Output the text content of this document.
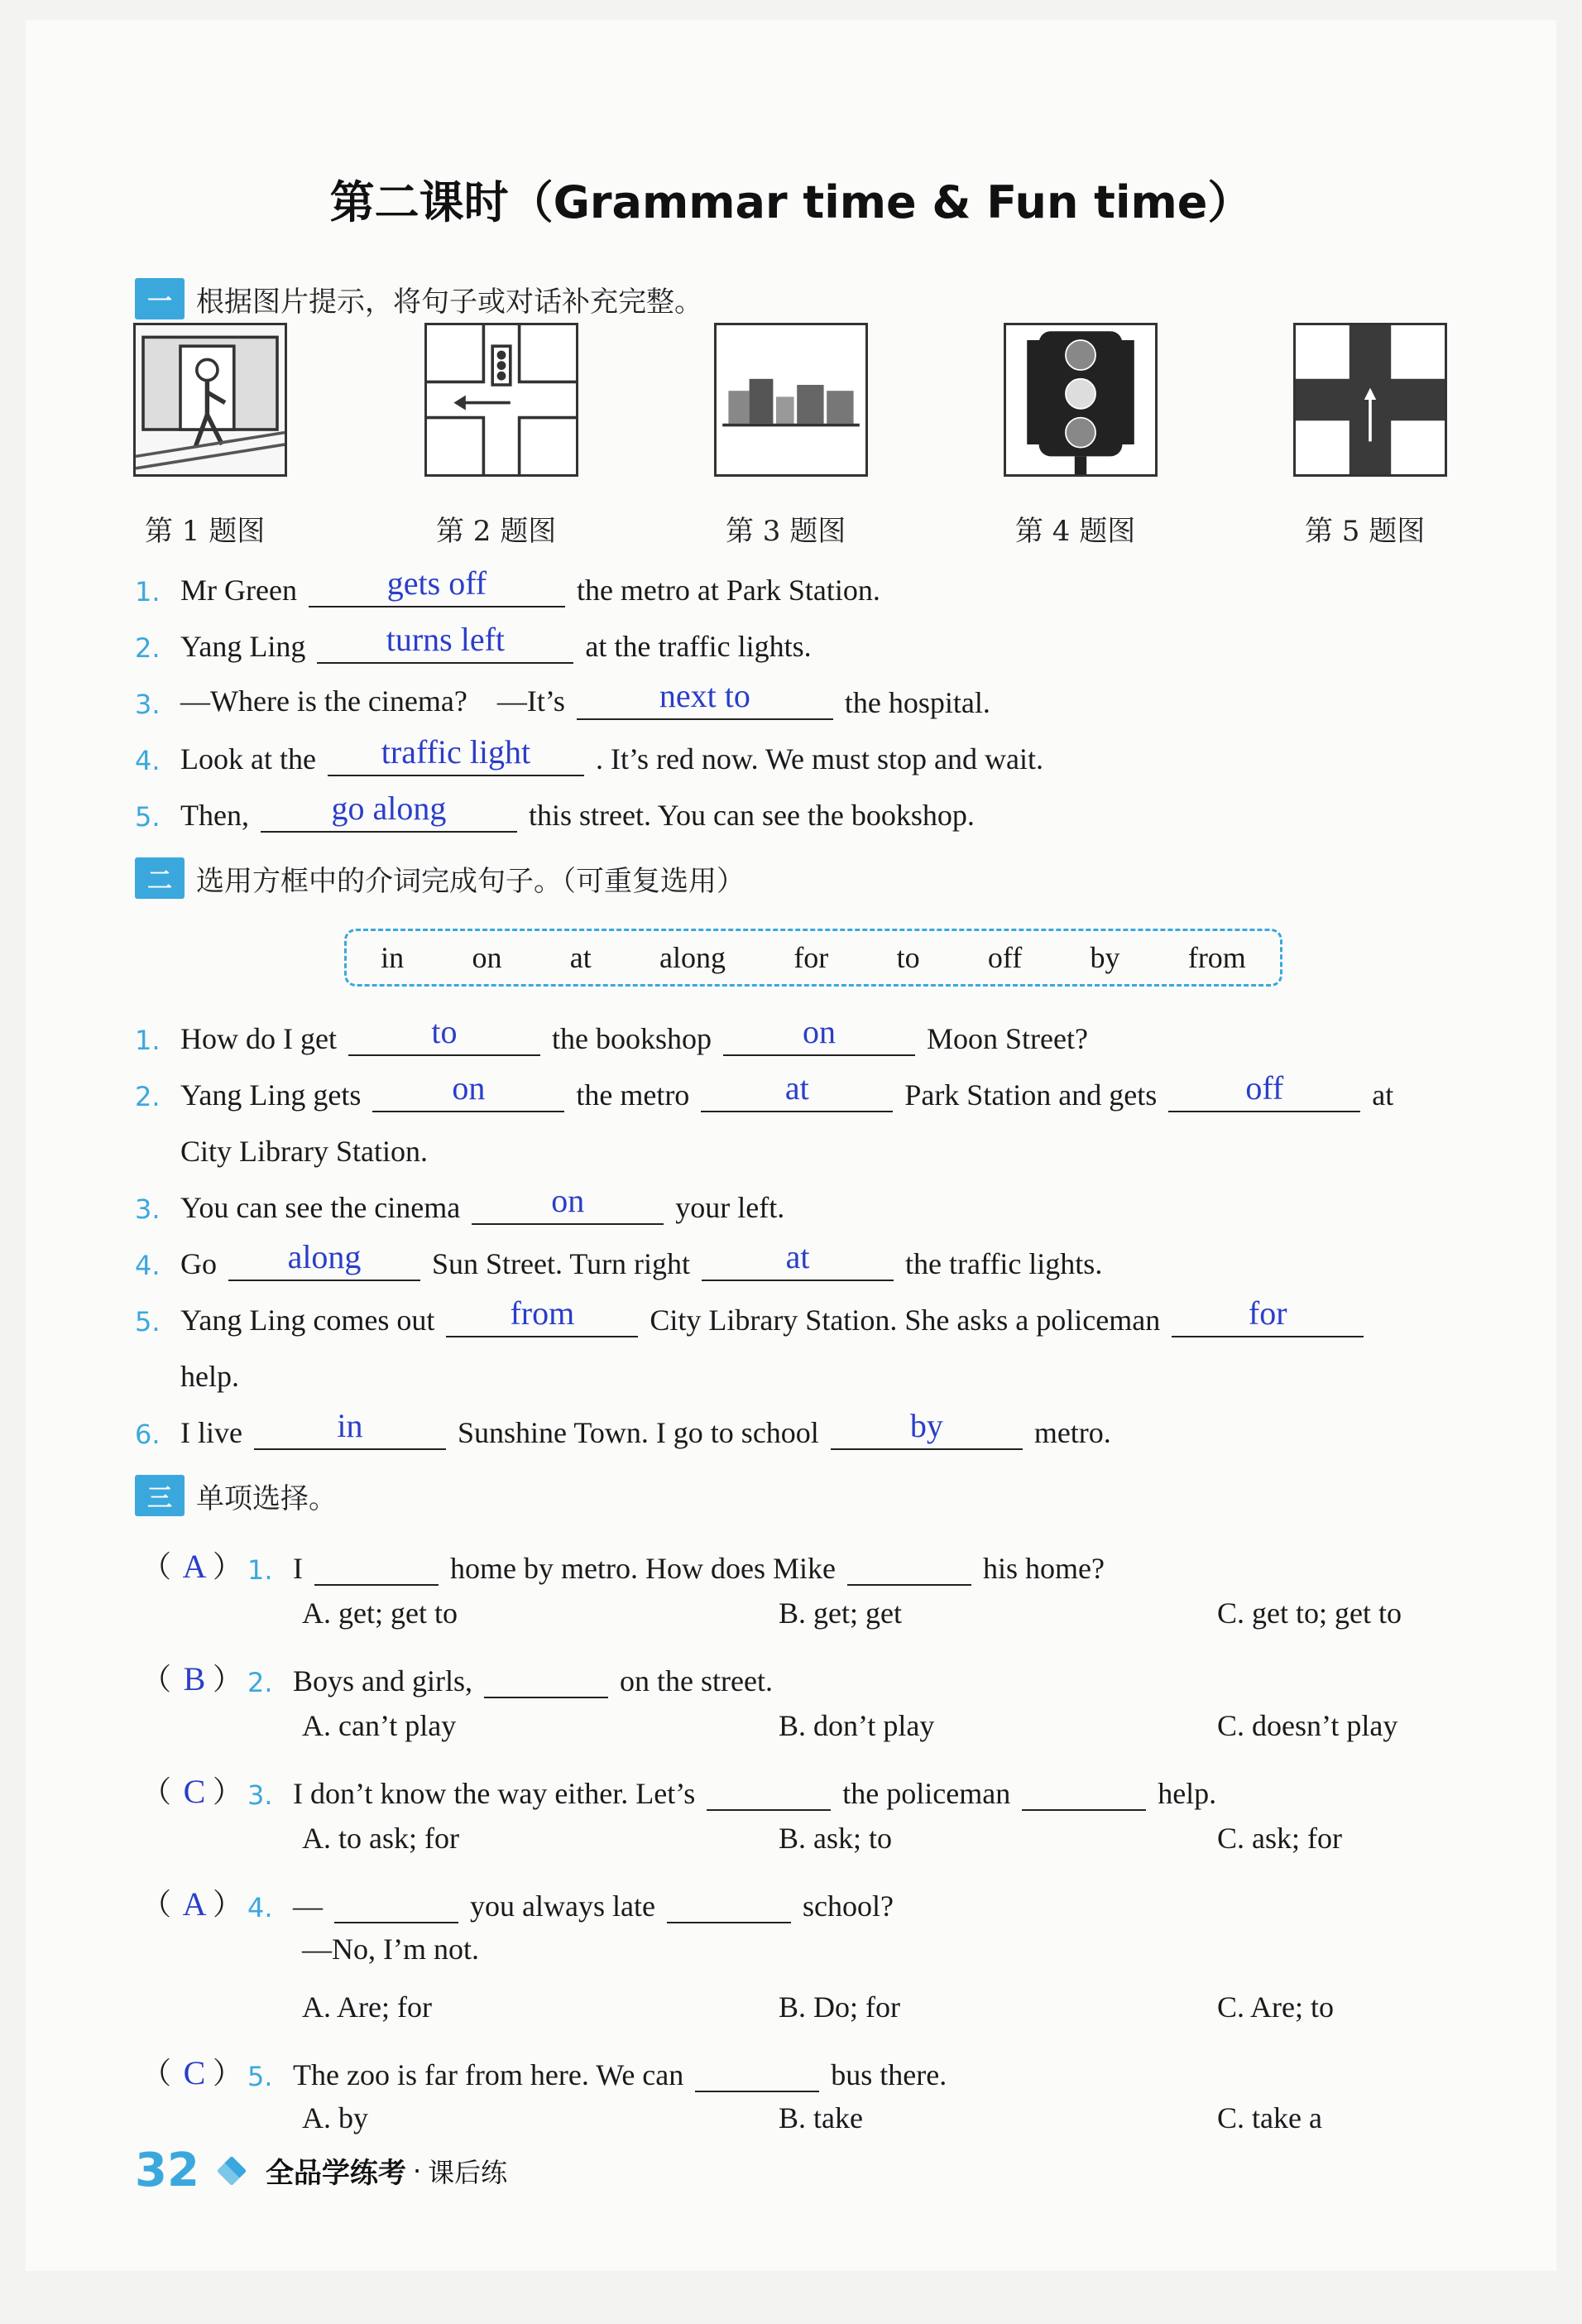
第二课时（Grammar time & Fun time）
一 根据图片提示，将句子或对话补充完整。
第 1 题图	第 2 题图	第 3 题图	第 4 题图	第 5 题图
1. Mr Green	gets off	the metro at Park Station.
2. Yang Ling	turns left	at the traffic lights.
3. —Where is the cinema?　—It’s	next to	the hospital.
4. Look at the	traffic light	. It’s red now. We must stop and wait.
5. Then,	go along	this street. You can see the bookshop.
二 选用方框中的介词完成句子。（可重复选用）
in on at along for to off by from
1. How do I get	to	the bookshop	on	Moon Street?
2. Yang Ling gets	on	the metro	at	Park Station and gets	off	at
City Library Station.
3. You can see the cinema	on	your left.
4. Go	along	Sun Street. Turn right	at	the traffic lights.
5. Yang Ling comes out	from	City Library Station. She asks a policeman	for
help.
6. I live	in	Sunshine Town. I go to school	by	metro.
三 单项选择。
（ A ） 1. I	home by metro. How does Mike	his home?
A. get; get to	B. get; get	C. get to; get to
（ B ） 2. Boys and girls,	on the street.
A. can’t play	B. don’t play	C. doesn’t play
（ C ） 3. I don’t know the way either. Let’s	the policeman	help.
A. to ask; for	B. ask; to	C. ask; for
（ A ） 4. —	you always late	school?
—No, I’m not.
A. Are; for	B. Do; for	C. Are; to
（ C ） 5. The zoo is far from here. We can	bus there.
A. by	B. take	C. take a
32 全品学练考 · 课后练
